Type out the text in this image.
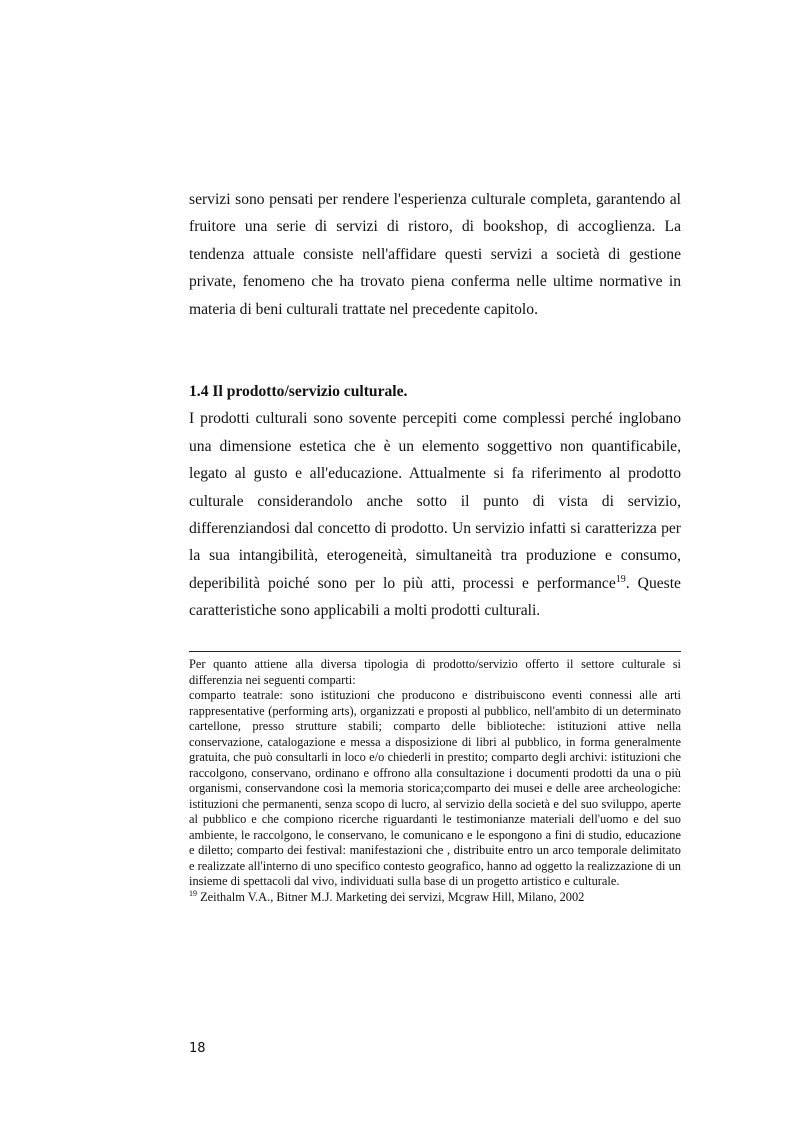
servizi sono pensati per rendere l'esperienza culturale completa, garantendo al fruitore una serie di servizi di ristoro, di bookshop, di accoglienza. La tendenza attuale consiste nell'affidare questi servizi a società di gestione private, fenomeno che ha trovato piena conferma nelle ultime normative in materia di beni culturali trattate nel precedente capitolo.

1.4 Il prodotto/servizio culturale.

I prodotti culturali sono sovente percepiti come complessi perché inglobano una dimensione estetica che è un elemento soggettivo non quantificabile, legato al gusto e all'educazione. Attualmente si fa riferimento al prodotto culturale considerandolo anche sotto il punto di vista di servizio, differenziandosi dal concetto di prodotto. Un servizio infatti si caratterizza per la sua intangibilità, eterogeneità, simultaneità tra produzione e consumo, deperibilità poiché sono per lo più atti, processi e performance$^{19}$. Queste caratteristiche sono applicabili a molti prodotti culturali.

Per quanto attiene alla diversa tipologia di prodotto/servizio offerto il settore culturale si differenzia nei seguenti comparti:

comparto teatrale: sono istituzioni che producono e distribuiscono eventi connessi alle arti rappresentative (performing arts), organizzati e proposti al pubblico, nell'ambito di un determinato cartellone, presso strutture stabili; comparto delle biblioteche: istituzioni attive nella conservazione, catalogazione e messa a disposizione di libri al pubblico, in forma generalmente gratuita, che può consultarli in loco e/o chiederli in prestito; comparto degli archivi: istituzioni che raccolgono, conservano, ordinano e offrono alla consultazione i documenti prodotti da una o più organismi, conservandone così la memoria storica;comparto dei musei e delle aree archeologiche: istituzioni che permanenti, senza scopo di lucro, al servizio della società e del suo sviluppo, aperte al pubblico e che compiono ricerche riguardanti le testimonianze materiali dell'uomo e del suo ambiente, le raccolgono, le conservano, le comunicano e le espongono a fini di studio, educazione e diletto; comparto dei festival: manifestazioni che , distribuite entro un arco temporale delimitato e realizzate all'interno di uno specifico contesto geografico, hanno ad oggetto la realizzazione di un insieme di spettacoli dal vivo, individuati sulla base di un progetto artistico e culturale.

$^{19}$ Zeithalm V.A., Bitner M.J. Marketing dei servizi, Mcgraw Hill, Milano, 2002

18
